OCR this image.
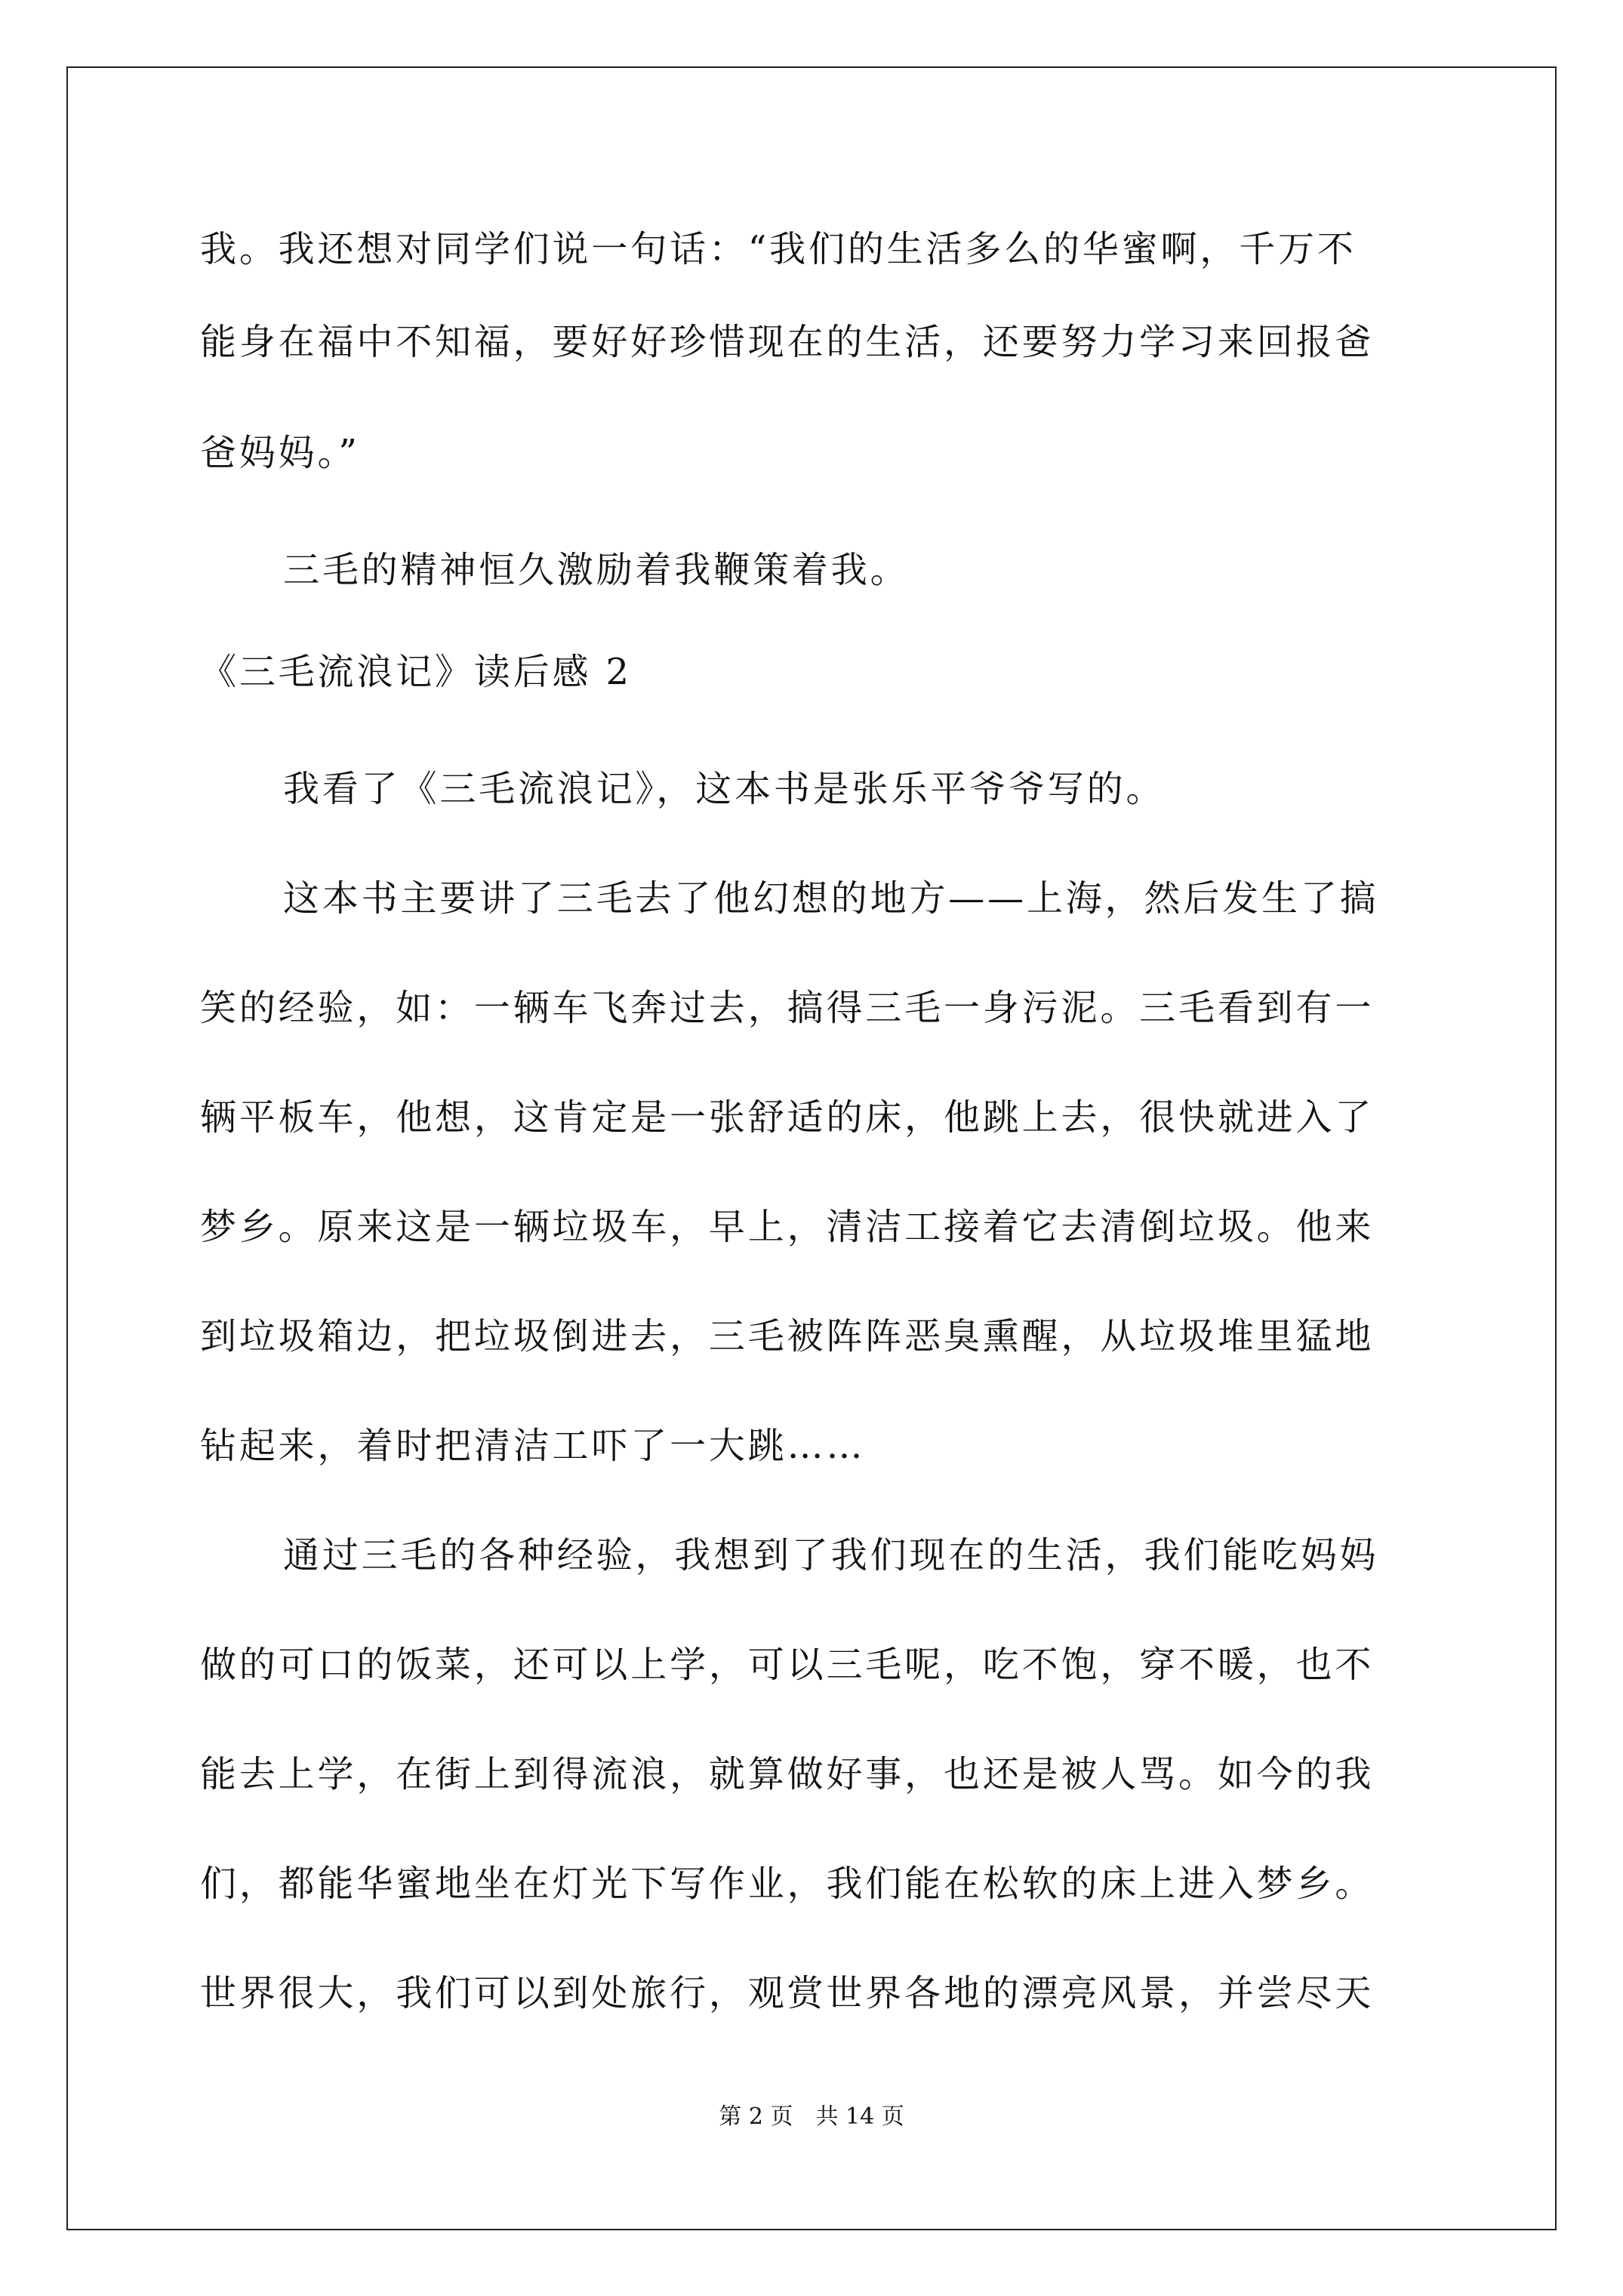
我。我还想对同学们说一句话：“我们的生活多么的华蜜啊，千万不
能身在福中不知福，要好好珍惜现在的生活，还要努力学习来回报爸
爸妈妈。”
三毛的精神恒久激励着我鞭策着我。
《三毛流浪记》读后感 2
我看了《三毛流浪记》，这本书是张乐平爷爷写的。
这本书主要讲了三毛去了他幻想的地方——上海，然后发生了搞
笑的经验，如：一辆车飞奔过去，搞得三毛一身污泥。三毛看到有一
辆平板车，他想，这肯定是一张舒适的床，他跳上去，很快就进入了
梦乡。原来这是一辆垃圾车，早上，清洁工接着它去清倒垃圾。他来
到垃圾箱边，把垃圾倒进去，三毛被阵阵恶臭熏醒，从垃圾堆里猛地
钻起来，着时把清洁工吓了一大跳……
通过三毛的各种经验，我想到了我们现在的生活，我们能吃妈妈
做的可口的饭菜，还可以上学，可以三毛呢，吃不饱，穿不暖，也不
能去上学，在街上到得流浪，就算做好事，也还是被人骂。如今的我
们，都能华蜜地坐在灯光下写作业，我们能在松软的床上进入梦乡。
世界很大，我们可以到处旅行，观赏世界各地的漂亮风景，并尝尽天
第 2 页　共 14 页
